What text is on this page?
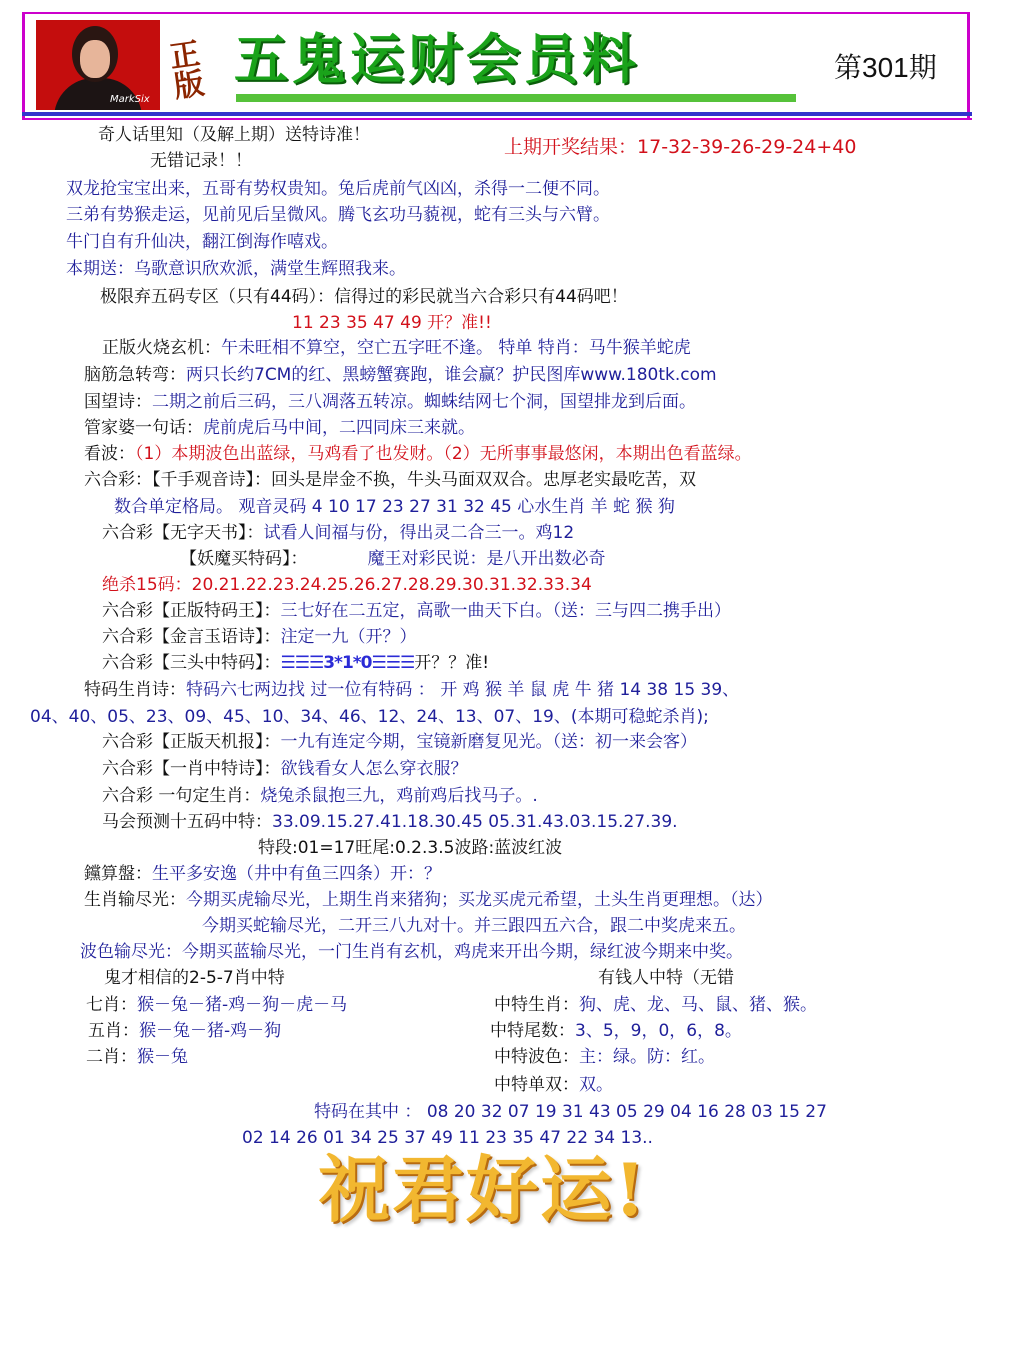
MarkSix
正版 五鬼运财会员料	第301期
奇人话里知（及解上期）送特诗准！
无错记录！！
上期开奖结果：17-32-39-26-29-24+40
双龙抢宝宝出来，五哥有势权贵知。兔后虎前气凶凶，杀得一二便不同。
三弟有势猴走运，见前见后呈微风。腾飞玄功马藐视，蛇有三头与六臂。
牛门自有升仙决，翻江倒海作嘻戏。
本期送：乌歌意识欣欢派，满堂生辉照我来。
极限弃五码专区（只有44码）：信得过的彩民就当六合彩只有44码吧！
11 23 35 47 49 开？准!!
正版火烧玄机：午未旺相不算空，空亡五字旺不逢。 特单 特肖：马牛猴羊蛇虎
脑筋急转弯：两只长约7CM的红、黑螃蟹赛跑，谁会赢？护民图库www.180tk.com
国望诗：二期之前后三码，三八凋落五转凉。蜘蛛结网七个洞，国望排龙到后面。
管家婆一句话：虎前虎后马中间，二四同床三来就。
看波：（1）本期波色出蓝绿，马鸡看了也发财。（2）无所事事最悠闲，本期出色看蓝绿。
六合彩：【千手观音诗】：回头是岸金不换，牛头马面双双合。忠厚老实最吃苦，双
数合单定格局。 观音灵码 4 10 17 23 27 31 32 45 心水生肖 羊 蛇 猴 狗
六合彩【无字天书】：试看人间福与份，得出灵二合三一。鸡12
【妖魔买特码】：	魔王对彩民说：是八开出数必奇
绝杀15码：20.21.22.23.24.25.26.27.28.29.30.31.32.33.34
六合彩【正版特码王】：三七好在二五定，高歌一曲天下白。（送：三与四二携手出）
六合彩【金言玉语诗】：注定一九（开？）
六合彩【三头中特码】：☰☰☰3*1*0☰☰☰开？？准!
特码生肖诗：特码六七两边找 过一位有特码 ： 开 鸡 猴 羊 鼠 虎 牛 猪 14 38 15 39、
04、40、05、23、09、45、10、34、46、12、24、13、07、19、(本期可稳蛇杀肖);
六合彩【正版天机报】：一九有连定今期，宝镜新磨复见光。（送：初一来会客）
六合彩【一肖中特诗】：欲钱看女人怎么穿衣服？
六合彩 一句定生肖：烧兔杀鼠抱三九，鸡前鸡后找马子。.
马会预测十五码中特：33.09.15.27.41.18.30.45 05.31.43.03.15.27.39.
特段:01=17旺尾:0.2.3.5波路:蓝波红波
钂算盤：生平多安逸（井中有鱼三四条）开：？
生肖输尽光：今期买虎输尽光，上期生肖来猪狗；买龙买虎元希望，土头生肖更理想。（达）
今期买蛇输尽光，二开三八九对十。并三跟四五六合，跟二中奖虎来五。
波色输尽光：今期买蓝输尽光，一门生肖有玄机，鸡虎来开出今期，绿红波今期来中奖。
鬼才相信的2-5-7肖中特
七肖：猴－兔－猪-鸡－狗－虎－马
五肖：猴－兔－猪-鸡－狗
二肖：猴－兔
有钱人中特（无错
中特生肖：狗、虎、龙、马、鼠、猪、猴。
中特尾数：3、5，9，0，6，8。
中特波色：主：绿。防：红。
中特单双：双。
特码在其中 ： 08 20 32 07 19 31 43 05 29 04 16 28 03 15 27
02 14 26 01 34 25 37 49 11 23 35 47 22 34 13..
祝君好运!
